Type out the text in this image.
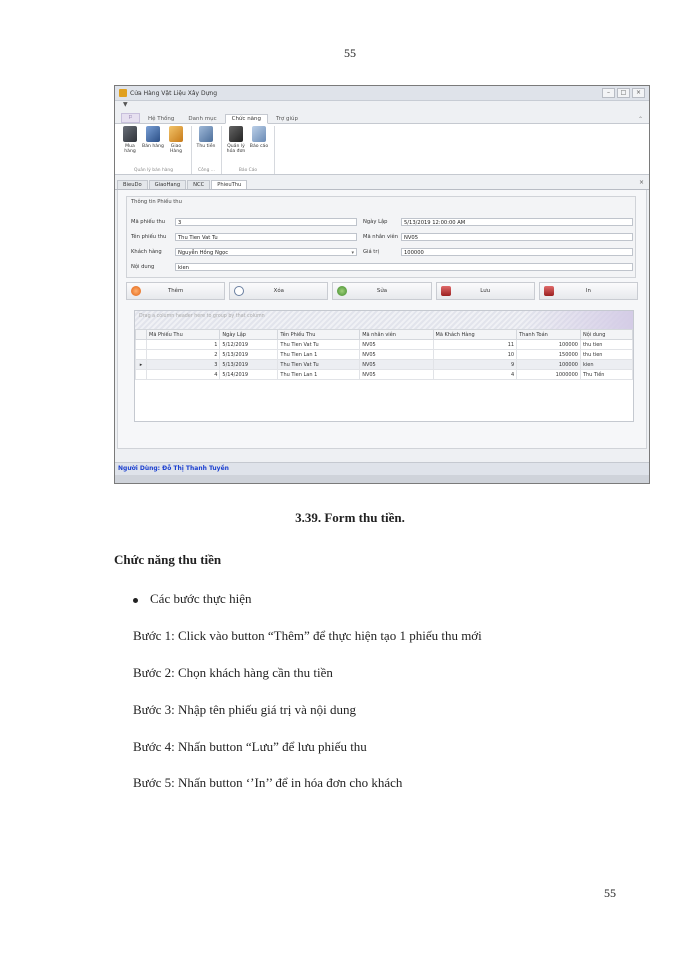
55
Cửa Hàng Vật Liệu Xây Dựng	–	□	×
▼
⚐	Hệ Thống	Danh mục	Chức năng	Trợ giúp	⌃
Mua hàng
Bán hàng	Giao Hàng
Quản lý bán hàng
Thu tiền
Công ...
Quản lý hóa đơn
Báo cáo
Báo Cáo
BieuDo	GiaoHang	NCC	PhieuThu	×
Thông tin Phiếu thu
Mã phiếu thu	3
Tên phiếu thu	Thu Tien Vat Tu
Khách hàng	Nguyễn Hồng Ngọc	▾
Nội dung	kien
Ngày Lập	5/13/2019 12:00:00 AM
Mã nhân viên	NV05
Giá trị	100000
Thêm	Xóa	Sửa	Lưu	In
Drag a column header here to group by that column
	Mã Phiếu Thu	Ngày Lập	Tên Phiếu Thu	Mã nhân viên	Mã Khách Hàng	Thanh Toán	Nội dung
	1	5/12/2019	Thu Tien Vat Tu	NV05	11	100000	thu tien
	2	5/13/2019	Thu Tien Lan 1	NV05	10	150000	thu tien
▸	3	5/13/2019	Thu Tien Vat Tu	NV05	9	100000	kien
	4	5/14/2019	Thu Tien Lan 1	NV05	4	1000000	Thu Tiền
Người Dùng: Đỗ Thị Thanh Tuyền
3.39. Form thu tiền.
Chức năng thu tiền
Các bước thực hiện
Bước 1: Click vào button “Thêm” để thực hiện tạo 1 phiếu thu mới
Bước 2: Chọn khách hàng cần thu tiền
Bước 3: Nhập tên phiếu giá trị và nội dung
Bước 4: Nhấn button “Lưu” để lưu phiếu thu
Bước 5: Nhấn button ‘’In’’ để in hóa đơn cho khách
55
